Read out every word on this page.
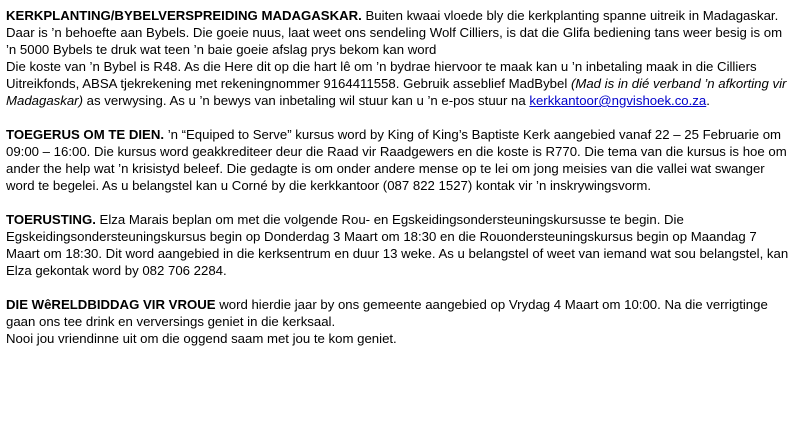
KERKPLANTING/BYBELVERSPREIDING MADAGASKAR. Buiten kwaai vloede bly die kerkplanting spanne uitreik in Madagaskar. Daar is ’n behoefte aan Bybels. Die goeie nuus, laat weet ons sendeling Wolf Cilliers, is dat die Glifa bediening tans weer besig is om ’n 5000 Bybels te druk wat teen ’n baie goeie afslag prys bekom kan word

Die koste van ’n Bybel is R48. As die Here dit op die hart lê om ’n bydrae hiervoor te maak kan u ’n inbetaling maak in die Cilliers Uitreikfonds, ABSA tjekrekening met rekeningnommer 9164411558. Gebruik asseblief MadBybel (Mad is in dié verband ’n afkorting vir Madagaskar) as verwysing. As u ’n bewys van inbetaling wil stuur kan u ’n e-pos stuur na kerkkantoor@ngvishoek.co.za.

TOEGERUS OM TE DIEN. ’n “Equiped to Serve” kursus word by King of King’s Baptiste Kerk aangebied vanaf 22 – 25 Februarie om 09:00 – 16:00. Die kursus word geakkrediteer deur die Raad vir Raadgewers en die koste is R770. Die tema van die kursus is hoe om ander the help wat ’n krisistyd beleef. Die gedagte is om onder andere mense op te lei om jong meisies van die vallei wat swanger word te begelei. As u belangstel kan u Corné by die kerkkantoor (087 822 1527) kontak vir ’n inskrywingsvorm.

TOERUSTING. Elza Marais beplan om met die volgende Rou- en Egskeidingsondersteuningskursusse te begin. Die Egskeidingsondersteuningskursus begin op Donderdag 3 Maart om 18:30 en die Rouondersteuningskursus begin op Maandag 7 Maart om 18:30. Dit word aangebied in die kerksentrum en duur 13 weke. As u belangstel of weet van iemand wat sou belangstel, kan Elza gekontak word by 082 706 2284.

DIE WêRELDBIDDAG VIR VROUE word hierdie jaar by ons gemeente aangebied op Vrydag 4 Maart om 10:00. Na die verrigtinge gaan ons tee drink en verversings geniet in die kerksaal.

Nooi jou vriendinne uit om die oggend saam met jou te kom geniet.
